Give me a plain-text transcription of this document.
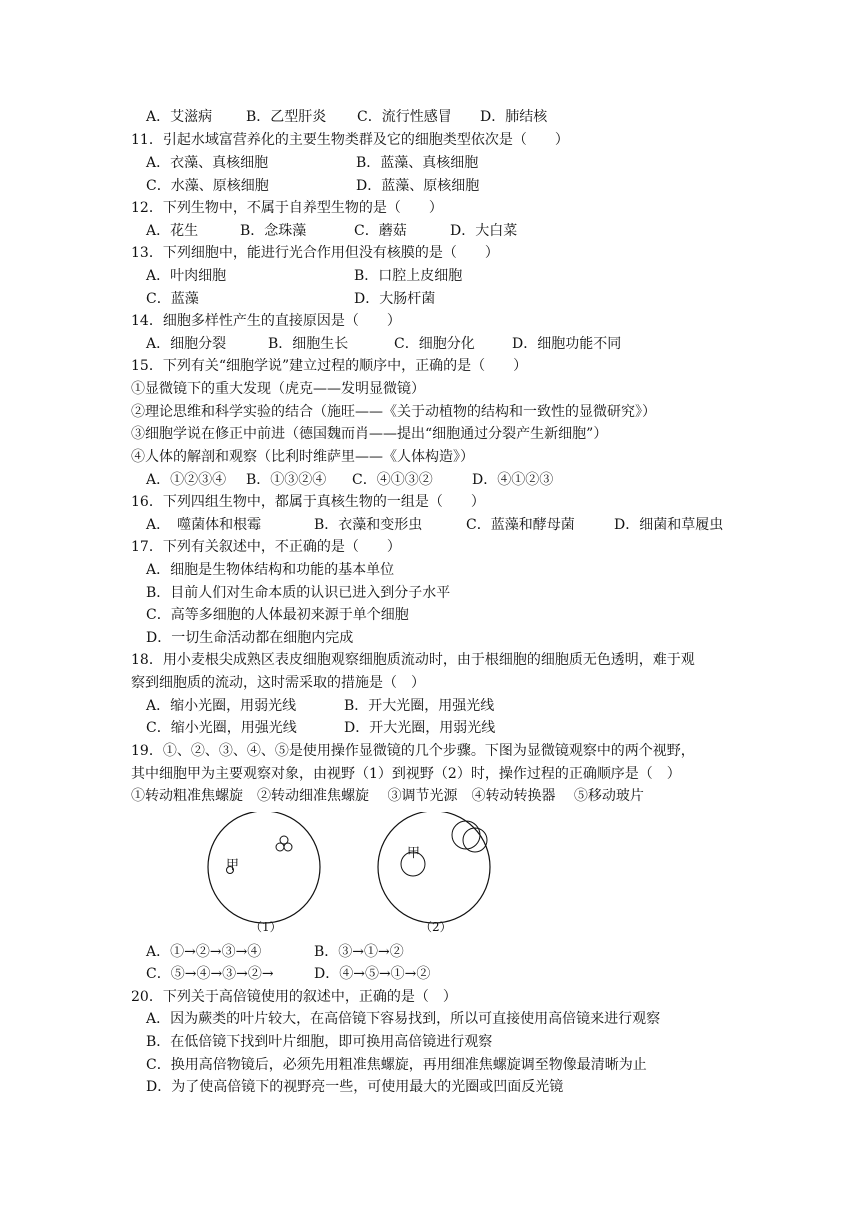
A．艾滋病 B．乙型肝炎 C．流行性感冒 D．肺结核
11．引起水域富营养化的主要生物类群及它的细胞类型依次是（　　）
A．衣藻、真核细胞	B．蓝藻、真核细胞
C．水藻、原核细胞	D．蓝藻、原核细胞
12．下列生物中，不属于自养型生物的是（　　）
A．花生	B．念珠藻	C．蘑菇	D．大白菜
13．下列细胞中，能进行光合作用但没有核膜的是（　　）
A．叶肉细胞	B．口腔上皮细胞
C．蓝藻	D．大肠杆菌
14．细胞多样性产生的直接原因是（　　）
A．细胞分裂	B．细胞生长	C．细胞分化	D．细胞功能不同
15．下列有关“细胞学说”建立过程的顺序中，正确的是（　　）
①显微镜下的重大发现（虎克——发明显微镜）
②理论思维和科学实验的结合（施旺——《关于动植物的结构和一致性的显微研究》）
③细胞学说在修正中前进（德国魏而肖——提出“细胞通过分裂产生新细胞”）
④人体的解剖和观察（比利时维萨里——《人体构造》）
A．①②③④ B．①③②④ C．④①③②	D．④①②③
16．下列四组生物中，都属于真核生物的一组是（　　）
A．　噬菌体和根霉	B．衣藻和变形虫	C．蓝藻和酵母菌	D．细菌和草履虫
17．下列有关叙述中，不正确的是（　　）
A．细胞是生物体结构和功能的基本单位
B．目前人们对生命本质的认识已进入到分子水平
C．高等多细胞的人体最初来源于单个细胞
D．一切生命活动都在细胞内完成
18．用小麦根尖成熟区表皮细胞观察细胞质流动时，由于根细胞的细胞质无色透明，难于观
察到细胞质的流动，这时需采取的措施是（　）
A．缩小光圈，用弱光线	B．开大光圈，用强光线
C．缩小光圈，用强光线	D．开大光圈，用弱光线
19．①、②、③、④、⑤是使用操作显微镜的几个步骤。下图为显微镜观察中的两个视野，
其中细胞甲为主要观察对象，由视野（1）到视野（2）时，操作过程的正确顺序是（　）
①转动粗准焦螺旋　②转动细准焦螺旋　 ③调节光源　④转动转换器　 ⑤移动玻片
甲
甲
（1）	（2）
A．①→②→③→④	B．③→①→②
C．⑤→④→③→②→	D．④→⑤→①→②
20．下列关于高倍镜使用的叙述中，正确的是（　）
A．因为蕨类的叶片较大，在高倍镜下容易找到，所以可直接使用高倍镜来进行观察
B．在低倍镜下找到叶片细胞，即可换用高倍镜进行观察
C．换用高倍物镜后，必须先用粗准焦螺旋，再用细准焦螺旋调至物像最清晰为止
D．为了使高倍镜下的视野亮一些，可使用最大的光圈或凹面反光镜
